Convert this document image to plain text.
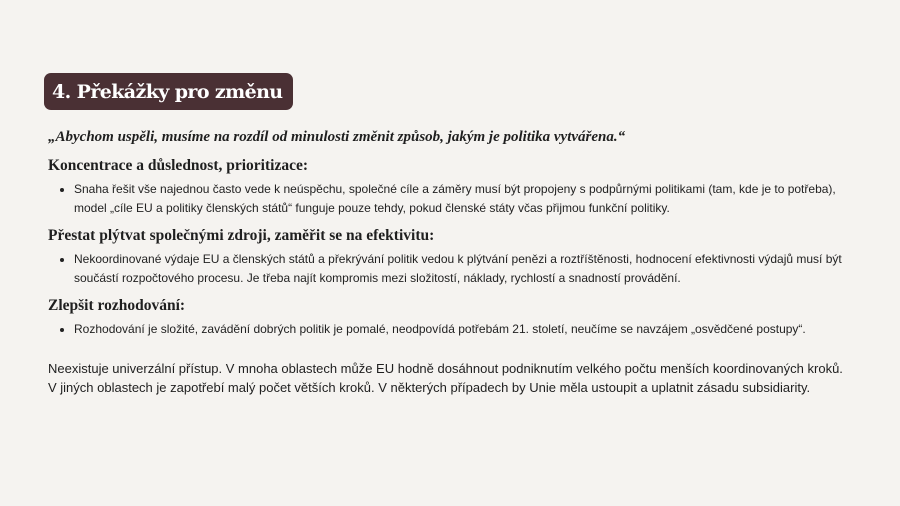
4. Překážky pro změnu

„Abychom uspěli, musíme na rozdíl od minulosti změnit způsob, jakým je politika vytvářena.“

Koncentrace a důslednost, prioritizace:

• Snaha řešit vše najednou často vede k neúspěchu, společné cíle a záměry musí být propojeny s podpůrnými politikami (tam, kde je to potřeba), model „cíle EU a politiky členských států“ funguje pouze tehdy, pokud členské státy včas přijmou funkční politiky.

Přestat plýtvat společnými zdroji, zaměřit se na efektivitu:

• Nekoordinované výdaje EU a členských států a překrývání politik vedou k plýtvání penězi a roztříštěnosti, hodnocení efektivnosti výdajů musí být součástí rozpočtového procesu. Je třeba najít kompromis mezi složitostí, náklady, rychlostí a snadností provádění.

Zlepšit rozhodování:

• Rozhodování je složité, zavádění dobrých politik je pomalé, neodpovídá potřebám 21. století, neučíme se navzájem „osvědčené postupy“.

Neexistuje univerzální přístup. V mnoha oblastech může EU hodně dosáhnout podniknutím velkého počtu menších koordinovaných kroků. V jiných oblastech je zapotřebí malý počet větších kroků. V některých případech by Unie měla ustoupit a uplatnit zásadu subsidiarity.
